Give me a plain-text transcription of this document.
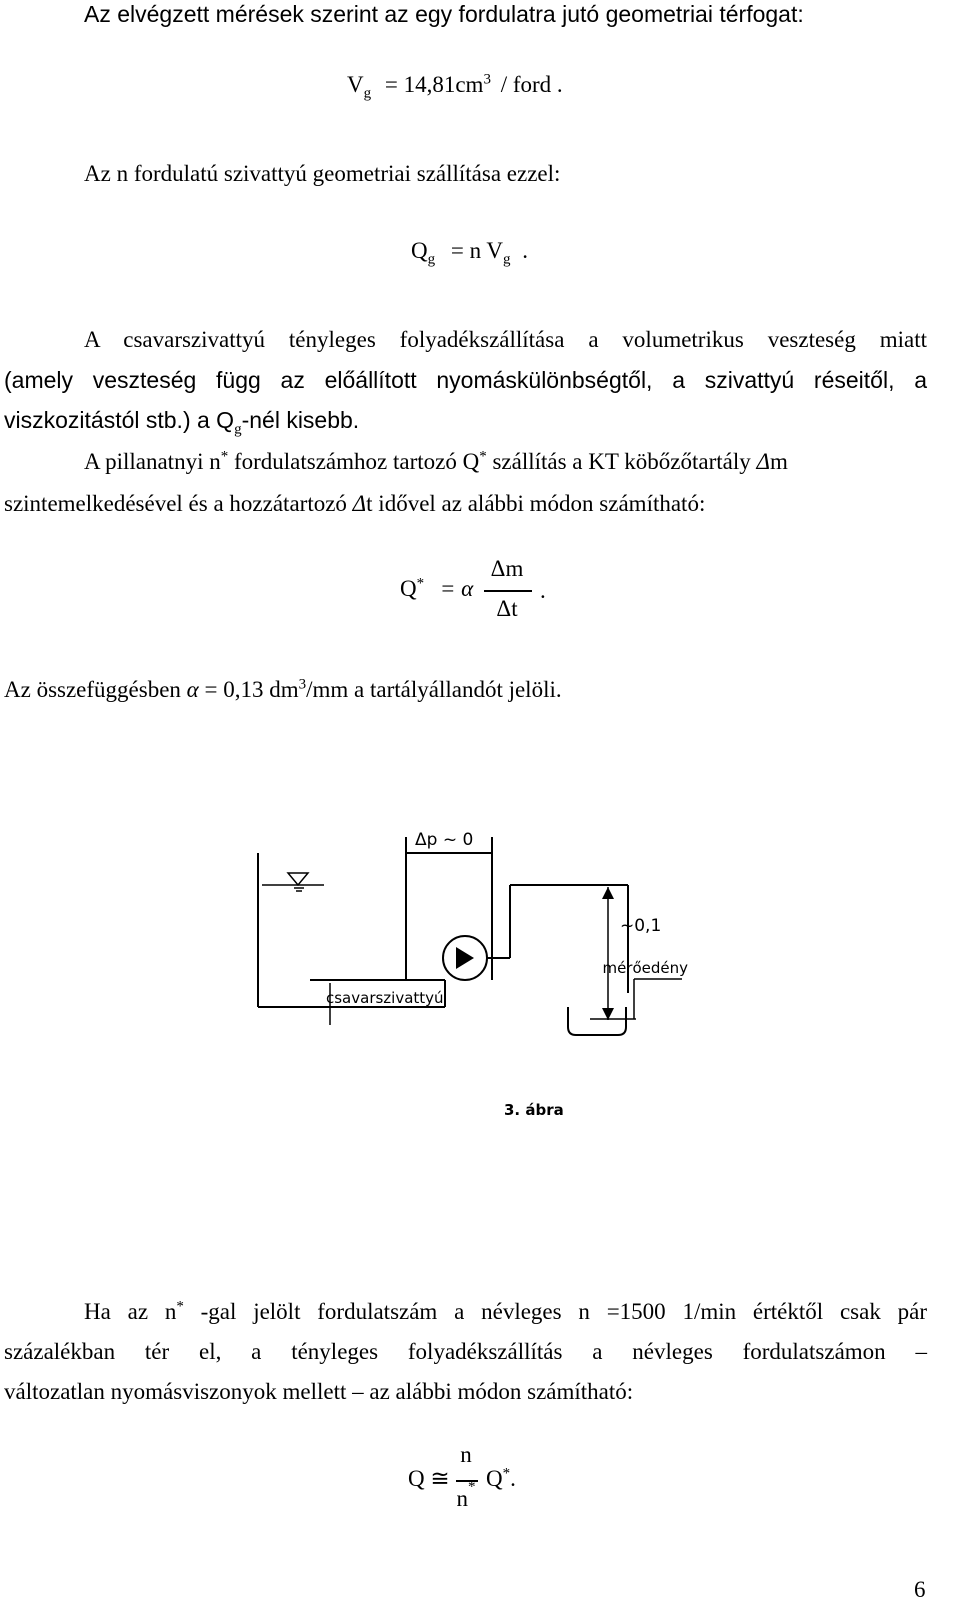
Az elvégzett mérések szerint az egy fordulatra jutó geometriai térfogat:
$V_g = 14,81cm^3$ / ford .
Az n fordulatú szivattyú geometriai szállítása ezzel:
$Q_g = n$ $V_g$ .
A csavarszivattyú tényleges folyadékszállítása a volumetrikus veszteség miatt
(amely veszteség függ az előállított nyomáskülönbségtől, a szivattyú réseitől, a
viszkozitástól stb.) a $Q_g$-nél kisebb.
A pillanatnyi n* fordulatszámhoz tartozó Q* szállítás a KT köbőzőtartály Δm
szintemelkedésével és a hozzátartozó Δt idővel az alábbi módon számítható:
Q* = α
Δm
Δt
.
Az összefüggésben α = 0,13 $dm^3/mm$ a tartályállandót jelöli.
Δp ~ 0
~0,1
mérőedény
csavarszivattyú
3. ábra
Ha az n* -gal jelölt fordulatszám a névleges n =1500 1/min értéktől csak pár
százalékban tér el, a tényleges folyadékszállítás a névleges fordulatszámon –
változatlan nyomásviszonyok mellett – az alábbi módon számítható:
Q ≅
n
n* Q*.
6
